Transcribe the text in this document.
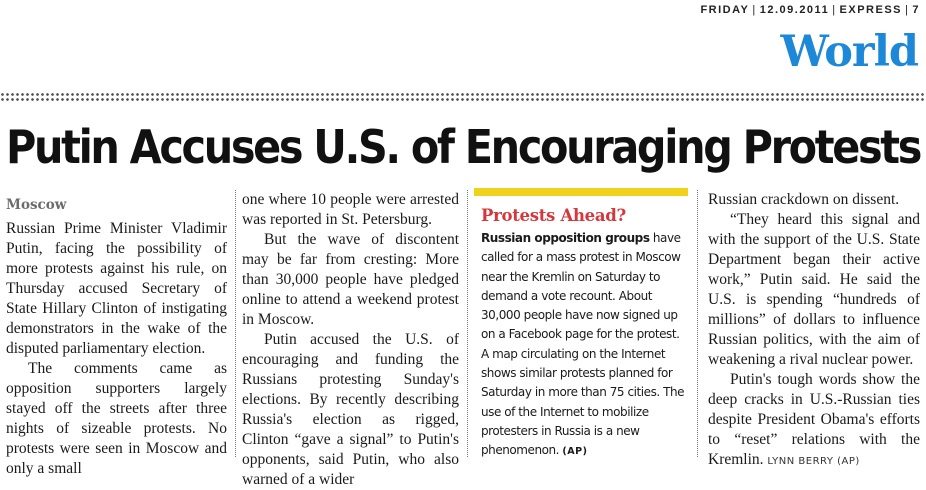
FRIDAY | 12.09.2011 | EXPRESS | 7
World
Putin Accuses U.S. of Encouraging Protests
Moscow

Russian Prime Minister Vladimir Putin, facing the possibility of more protests against his rule, on Thursday accused Secretary of State Hillary Clinton of instigating demonstrators in the wake of the disputed parliamentary election.

The comments came as opposition supporters largely stayed off the streets after three nights of sizeable protests. No protests were seen in Moscow and only a small

one where 10 people were arrested was reported in St. Petersburg.

But the wave of discontent may be far from cresting: More than 30,000 people have pledged online to attend a weekend protest in Moscow.

Putin accused the U.S. of encouraging and funding the Russians protesting Sunday's elections. By recently describing Russia's election as rigged, Clinton “gave a signal” to Putin's opponents, said Putin, who also warned of a wider

Protests Ahead?
Russian opposition groups have called for a mass protest in Moscow near the Kremlin on Saturday to demand a vote recount. About 30,000 people have now signed up on a Facebook page for the protest. A map circulating on the Internet shows similar protests planned for Saturday in more than 75 cities. The use of the Internet to mobilize protesters in Russia is a new phenomenon. (AP)

Russian crackdown on dissent.

“They heard this signal and with the support of the U.S. State Department began their active work,” Putin said. He said the U.S. is spending “hundreds of millions” of dollars to influence Russian politics, with the aim of weakening a rival nuclear power.

Putin's tough words show the deep cracks in U.S.-Russian ties despite President Obama's efforts to “reset” relations with the Kremlin. LYNN BERRY (AP)
